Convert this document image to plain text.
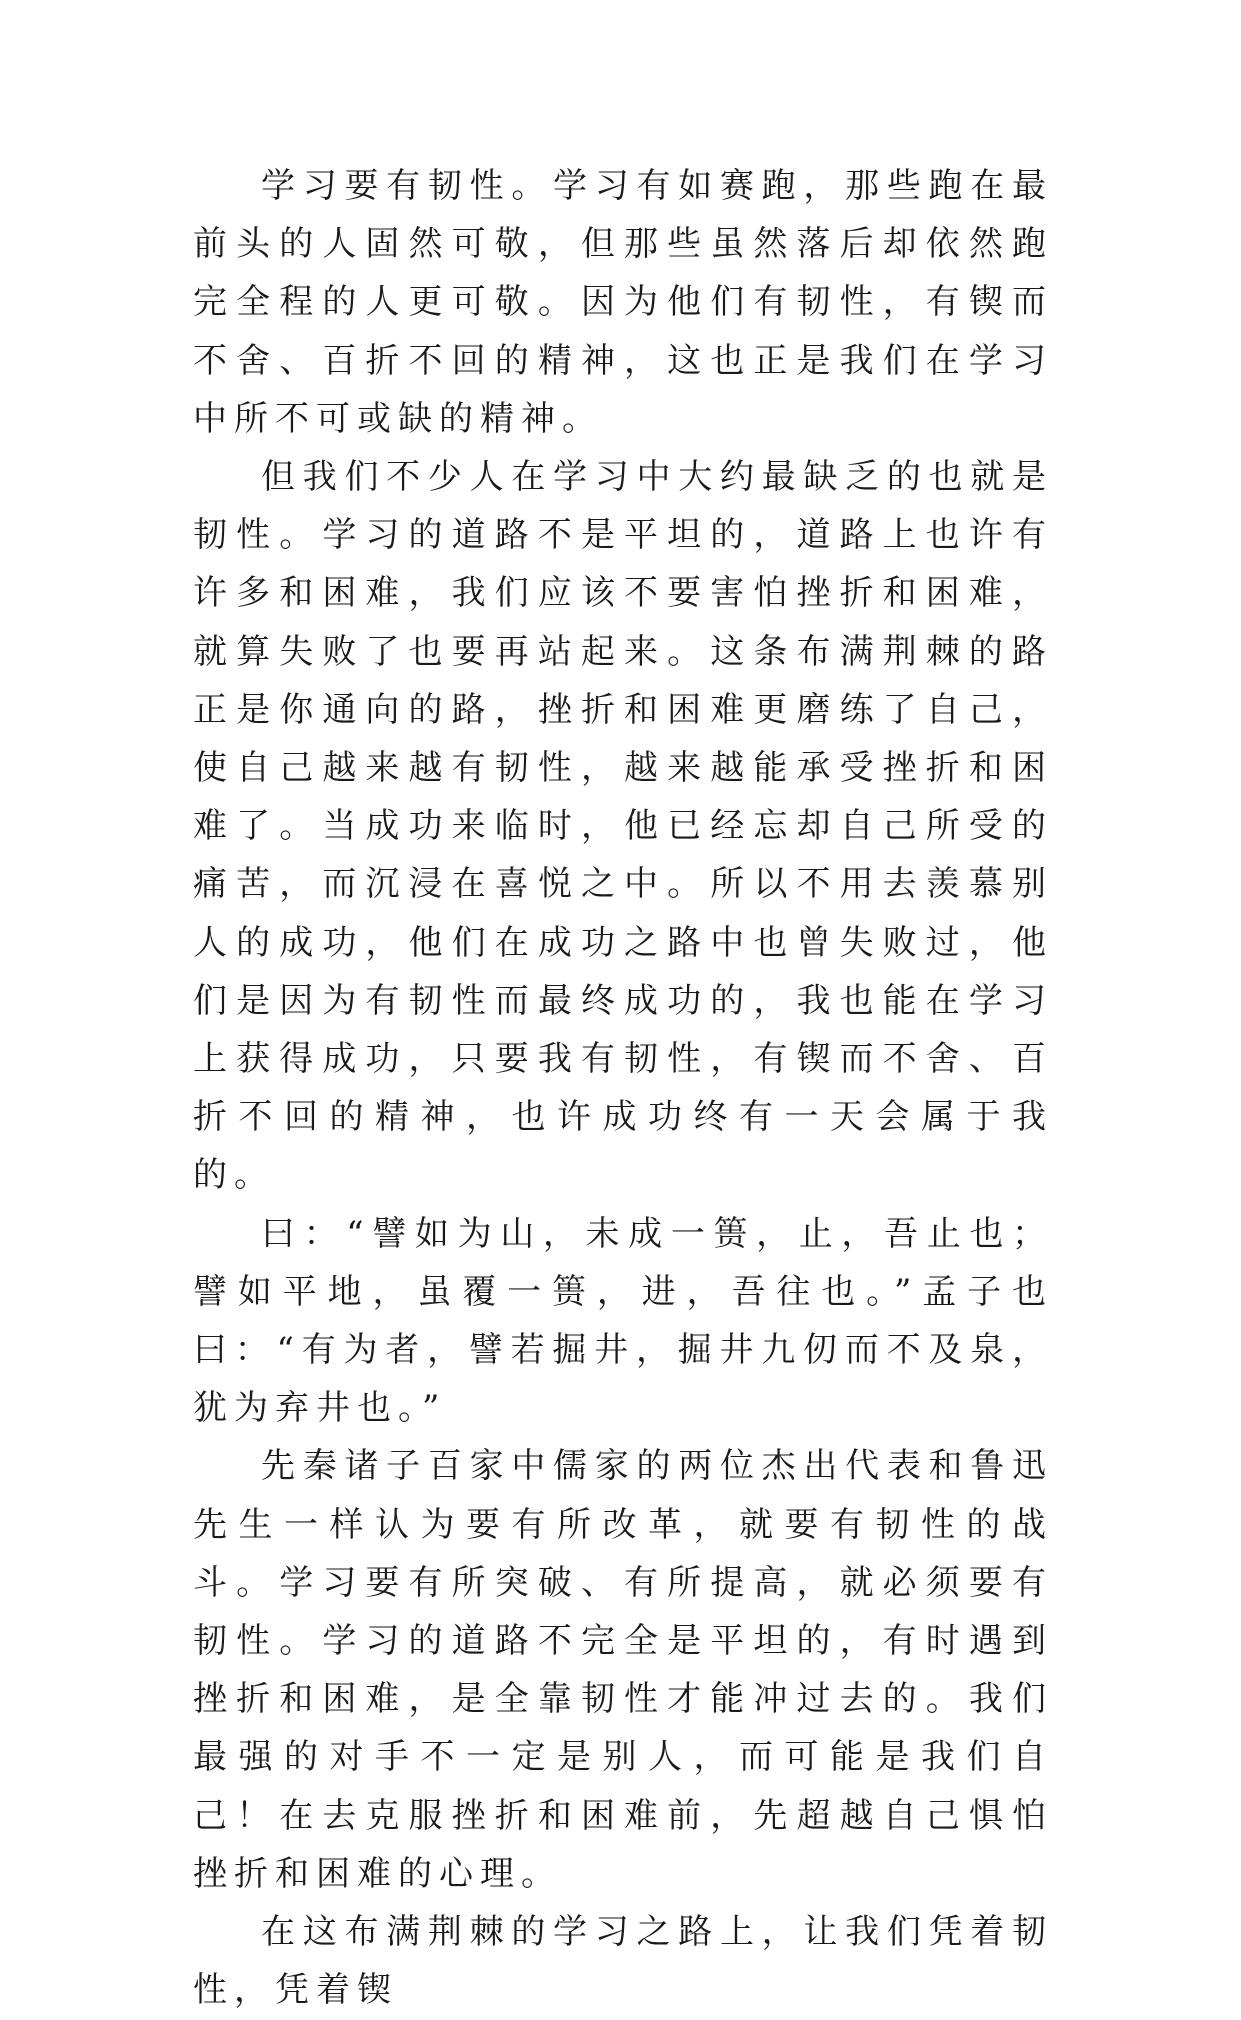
学习要有韧性。学习有如赛跑，那些跑在最前头的人固然可敬，但那些虽然落后却依然跑完全程的人更可敬。因为他们有韧性，有锲而不舍、百折不回的精神，这也正是我们在学习中所不可或缺的精神。

但我们不少人在学习中大约最缺乏的也就是韧性。学习的道路不是平坦的，道路上也许有许多和困难，我们应该不要害怕挫折和困难，就算失败了也要再站起来。这条布满荆棘的路正是你通向的路，挫折和困难更磨练了自己，使自己越来越有韧性，越来越能承受挫折和困难了。当成功来临时，他已经忘却自己所受的痛苦，而沉浸在喜悦之中。所以不用去羡慕别人的成功，他们在成功之路中也曾失败过，他们是因为有韧性而最终成功的，我也能在学习上获得成功，只要我有韧性，有锲而不舍、百折不回的精神，也许成功终有一天会属于我的。

曰：“譬如为山，未成一篑，止，吾止也；譬如平地，虽覆一篑，进，吾往也。”孟子也曰：“有为者，譬若掘井，掘井九仞而不及泉，犹为弃井也。”

先秦诸子百家中儒家的两位杰出代表和鲁迅先生一样认为要有所改革，就要有韧性的战斗。学习要有所突破、有所提高，就必须要有韧性。学习的道路不完全是平坦的，有时遇到挫折和困难，是全靠韧性才能冲过去的。我们最强的对手不一定是别人，而可能是我们自己！在去克服挫折和困难前，先超越自己惧怕挫折和困难的心理。

在这布满荆棘的学习之路上，让我们凭着韧性，凭着锲
